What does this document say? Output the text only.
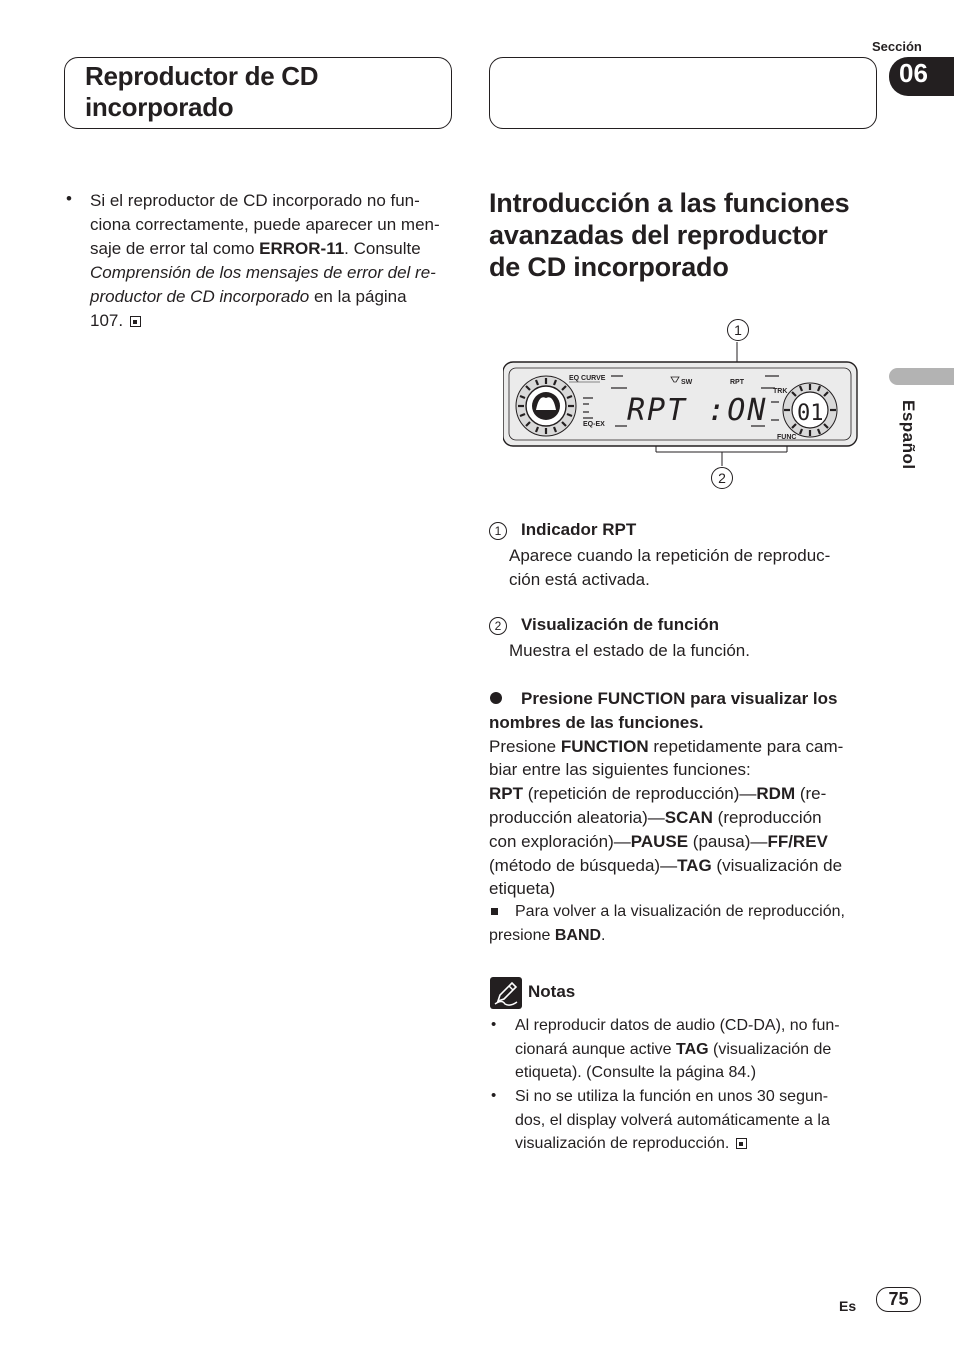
Reproductor de CD
incorporado
Sección
06
Español
• Si el reproductor de CD incorporado no fun-
ciona correctamente, puede aparecer un men-
saje de error tal como ERROR-11. Consulte
Comprensión de los mensajes de error del re-
productor de CD incorporado en la página
107.
Introducción a las funciones
avanzadas del reproductor
de CD incorporado
1
2
01
EQ CURVE
EQ-EX
SW	RPT
TRK
FUNC
RPT :ON
1	Indicador RPT
Aparece cuando la repetición de reproduc-
ción está activada.
2	Visualización de función
Muestra el estado de la función.
Presione FUNCTION para visualizar los
nombres de las funciones.
Presione FUNCTION repetidamente para cam-
biar entre las siguientes funciones:
RPT (repetición de reproducción)—RDM (re-
producción aleatoria)—SCAN (reproducción
con exploración)—PAUSE (pausa)—FF/REV
(método de búsqueda)—TAG (visualización de
etiqueta)
Para volver a la visualización de reproducción,
presione BAND.
Notas
• Al reproducir datos de audio (CD-DA), no fun-
cionará aunque active TAG (visualización de
etiqueta). (Consulte la página 84.)
• Si no se utiliza la función en unos 30 segun-
dos, el display volverá automáticamente a la
visualización de reproducción.
Es	75
